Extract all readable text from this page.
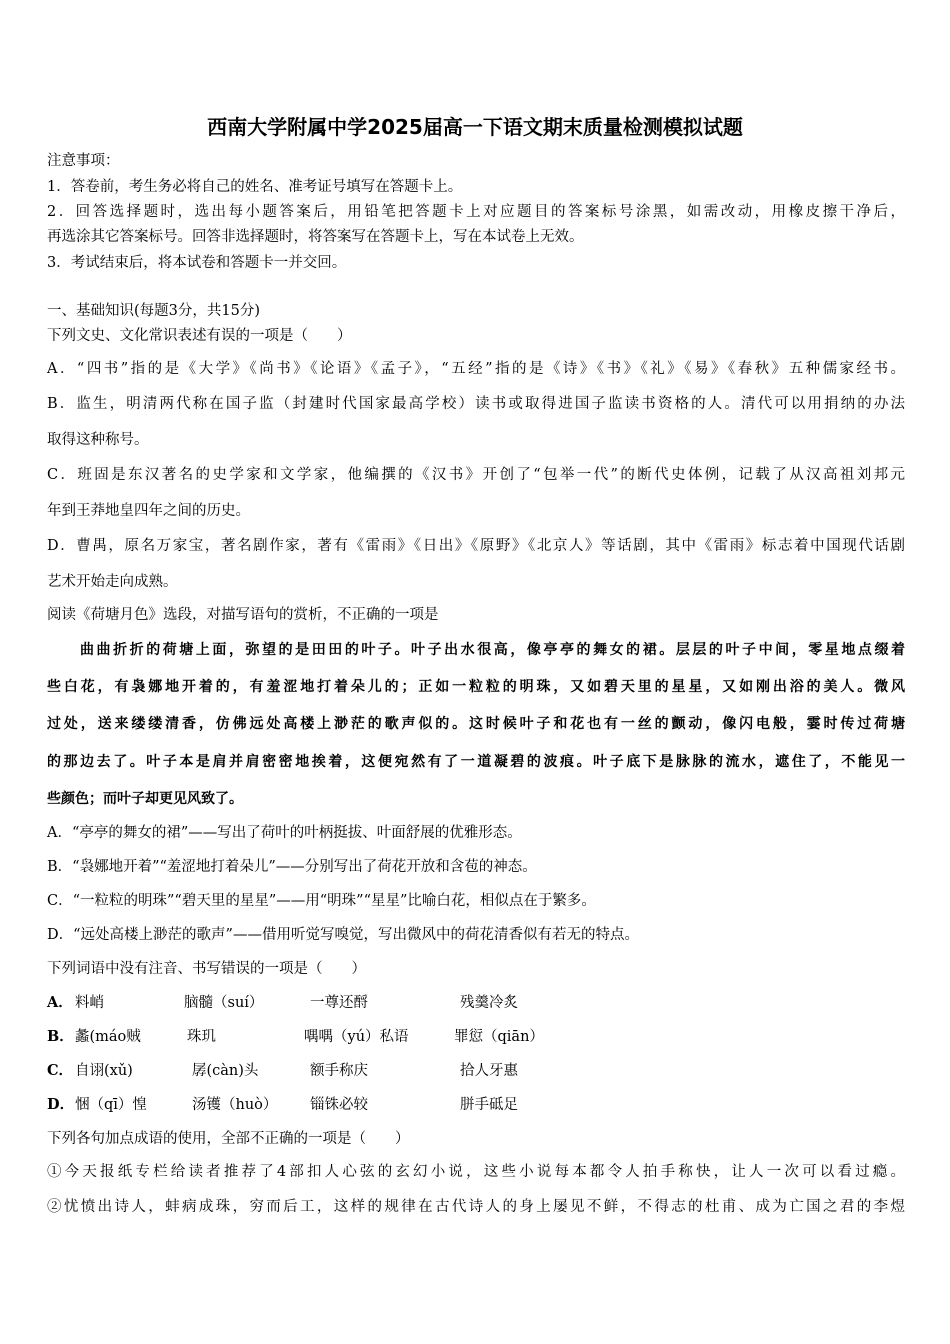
西南大学附属中学2025届高一下语文期末质量检测模拟试题
注意事项：
1．答卷前，考生务必将自己的姓名、准考证号填写在答题卡上。
2．回答选择题时，选出每小题答案后，用铅笔把答题卡上对应题目的答案标号涂黑，如需改动，用橡皮擦干净后，
再选涂其它答案标号。回答非选择题时，将答案写在答题卡上，写在本试卷上无效。
3．考试结束后，将本试卷和答题卡一并交回。
一、基础知识(每题3分，共15分)
下列文史、文化常识表述有误的一项是（　　）
A．“四书”指的是《大学》《尚书》《论语》《孟子》，“五经”指的是《诗》《书》《礼》《易》《春秋》五种儒家经书。
B．监生，明清两代称在国子监（封建时代国家最高学校）读书或取得进国子监读书资格的人。清代可以用捐纳的办法
取得这种称号。
C．班固是东汉著名的史学家和文学家，他编撰的《汉书》开创了“包举一代”的断代史体例，记载了从汉高祖刘邦元
年到王莽地皇四年之间的历史。
D．曹禺，原名万家宝，著名剧作家，著有《雷雨》《日出》《原野》《北京人》等话剧，其中《雷雨》标志着中国现代话剧
艺术开始走向成熟。
阅读《荷塘月色》选段，对描写语句的赏析，不正确的一项是
曲曲折折的荷塘上面，弥望的是田田的叶子。叶子出水很高，像亭亭的舞女的裙。层层的叶子中间，零星地点缀着
些白花，有袅娜地开着的，有羞涩地打着朵儿的；正如一粒粒的明珠，又如碧天里的星星，又如刚出浴的美人。微风
过处，送来缕缕清香，仿佛远处高楼上渺茫的歌声似的。这时候叶子和花也有一丝的颤动，像闪电般，霎时传过荷塘
的那边去了。叶子本是肩并肩密密地挨着，这便宛然有了一道凝碧的波痕。叶子底下是脉脉的流水，遮住了，不能见一
些颜色；而叶子却更见风致了。
A．“亭亭的舞女的裙”——写出了荷叶的叶柄挺拔、叶面舒展的优雅形态。
B．“袅娜地开着”“羞涩地打着朵儿”——分别写出了荷花开放和含苞的神态。
C．“一粒粒的明珠”“碧天里的星星”——用“明珠”“星星”比喻白花，相似点在于繁多。
D．“远处高楼上渺茫的歌声”——借用听觉写嗅觉，写出微风中的荷花清香似有若无的特点。
下列词语中没有注音、书写错误的一项是（　　）
A． 料峭	脑髓（suí）	一尊还酹	残羹冷炙
B． 蠡(máo贼	珠玑	喁喁（yú）私语	罪愆（qiān）
C． 自诩(xǔ)	孱(càn)头	额手称庆	拾人牙惠
D． 悃（qī）惶	汤镬（huò） 锱铢必较	胼手砥足
下列各句加点成语的使用，全部不正确的一项是（　　）
①今天报纸专栏给读者推荐了4部扣人心弦的玄幻小说，这些小说每本都令人拍手称快，让人一次可以看过瘾。
②忧愤出诗人，蚌病成珠，穷而后工，这样的规律在古代诗人的身上屡见不鲜，不得志的杜甫、成为亡国之君的李煜
